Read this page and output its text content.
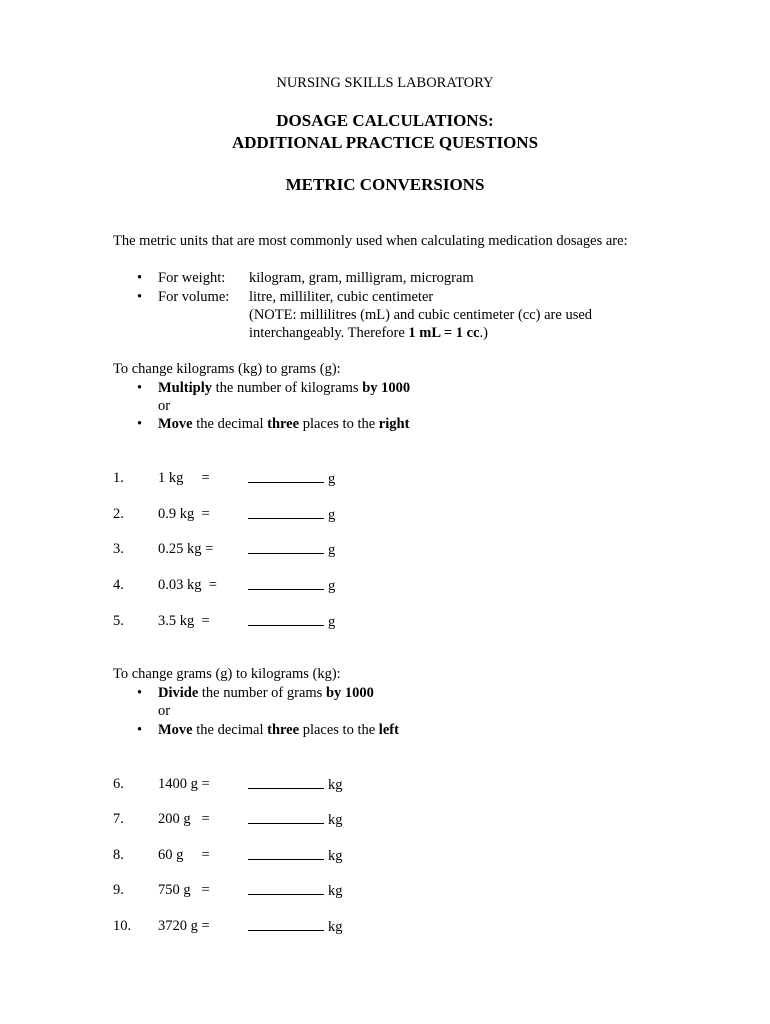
NURSING SKILLS LABORATORY
DOSAGE CALCULATIONS:
ADDITIONAL PRACTICE QUESTIONS
METRIC CONVERSIONS
The metric units that are most commonly used when calculating medication dosages are:
• For weight: kilogram, gram, milligram, microgram
• For volume: litre, milliliter, cubic centimeter
(NOTE: millilitres (mL) and cubic centimeter (cc) are used
interchangeably. Therefore 1 mL = 1 cc.)
To change kilograms (kg) to grams (g):
• Multiply the number of kilograms by 1000
or
• Move the decimal three places to the right
1. 1 kg     =	g
2. 0.9 kg  =	g
3. 0.25 kg =	g
4. 0.03 kg  =	g
5. 3.5 kg  =	g
To change grams (g) to kilograms (kg):
• Divide the number of grams by 1000
or
• Move the decimal three places to the left
6. 1400 g =	kg
7. 200 g   =	kg
8. 60 g     =	kg
9. 750 g   =	kg
10. 3720 g =	kg
